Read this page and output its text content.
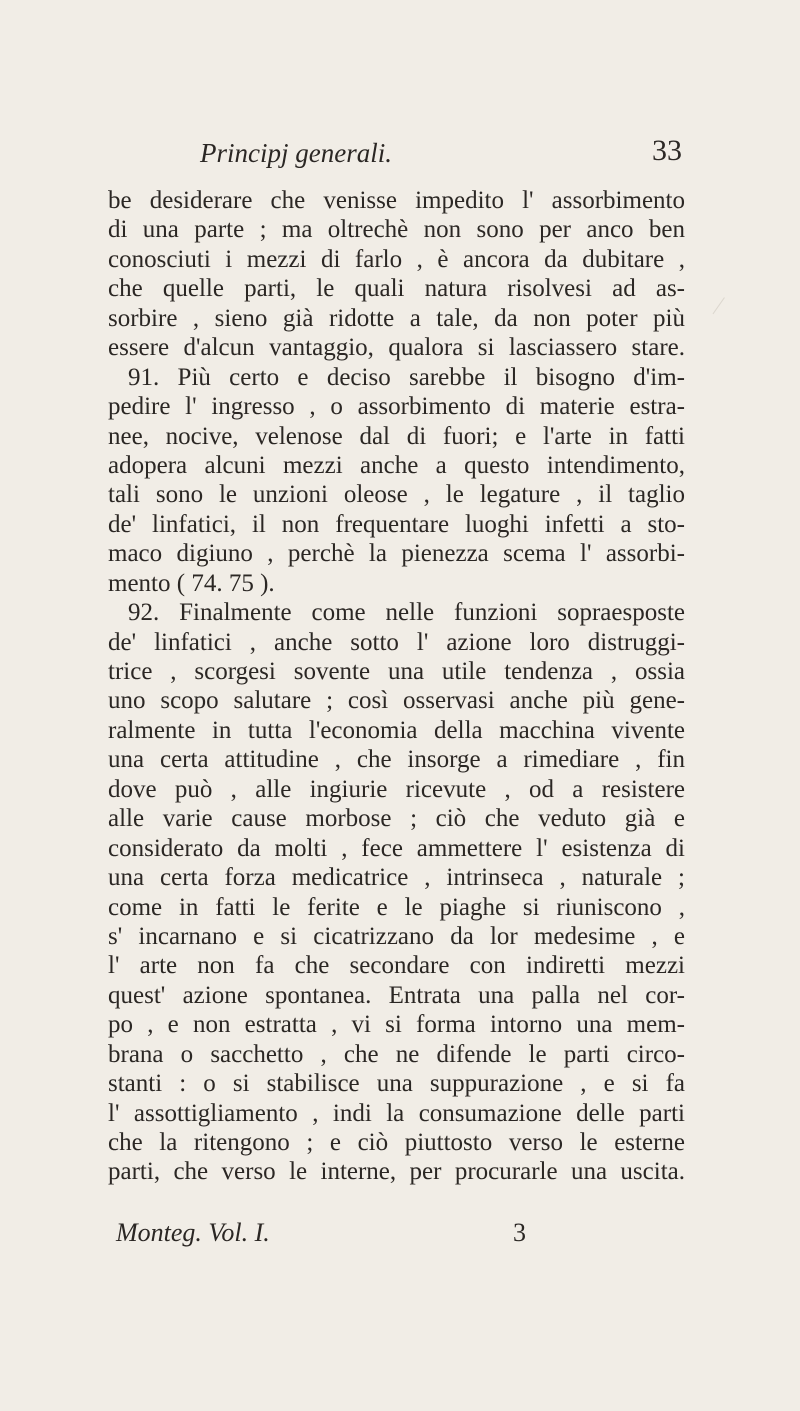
Principj generali.	33
be desiderare che venisse impedito l' assorbimento
di una parte ; ma oltrechè non sono per anco ben
conosciuti i mezzi di farlo , è ancora da dubitare ,
che quelle parti, le quali natura risolvesi ad as-
sorbire , sieno già ridotte a tale, da non poter più
essere d'alcun vantaggio, qualora si lasciassero stare.
91. Più certo e deciso sarebbe il bisogno d'im-
pedire l' ingresso , o assorbimento di materie estra-
nee, nocive, velenose dal di fuori; e l'arte in fatti
adopera alcuni mezzi anche a questo intendimento,
tali sono le unzioni oleose , le legature , il taglio
de' linfatici, il non frequentare luoghi infetti a sto-
maco digiuno , perchè la pienezza scema l' assorbi-
mento ( 74. 75 ).
92. Finalmente come nelle funzioni sopraesposte
de' linfatici , anche sotto l' azione loro distruggi-
trice , scorgesi sovente una utile tendenza , ossia
uno scopo salutare ; così osservasi anche più gene-
ralmente in tutta l'economia della macchina vivente
una certa attitudine , che insorge a rimediare , fin
dove può , alle ingiurie ricevute , od a resistere
alle varie cause morbose ; ciò che veduto già e
considerato da molti , fece ammettere l' esistenza di
una certa forza medicatrice , intrinseca , naturale ;
come in fatti le ferite e le piaghe si riuniscono ,
s' incarnano e si cicatrizzano da lor medesime , e
l' arte non fa che secondare con indiretti mezzi
quest' azione spontanea. Entrata una palla nel cor-
po , e non estratta , vi si forma intorno una mem-
brana o sacchetto , che ne difende le parti circo-
stanti : o si stabilisce una suppurazione , e si fa
l' assottigliamento , indi la consumazione delle parti
che la ritengono ; e ciò piuttosto verso le esterne
parti, che verso le interne, per procurarle una uscita.
Monteg. Vol. I.	3
